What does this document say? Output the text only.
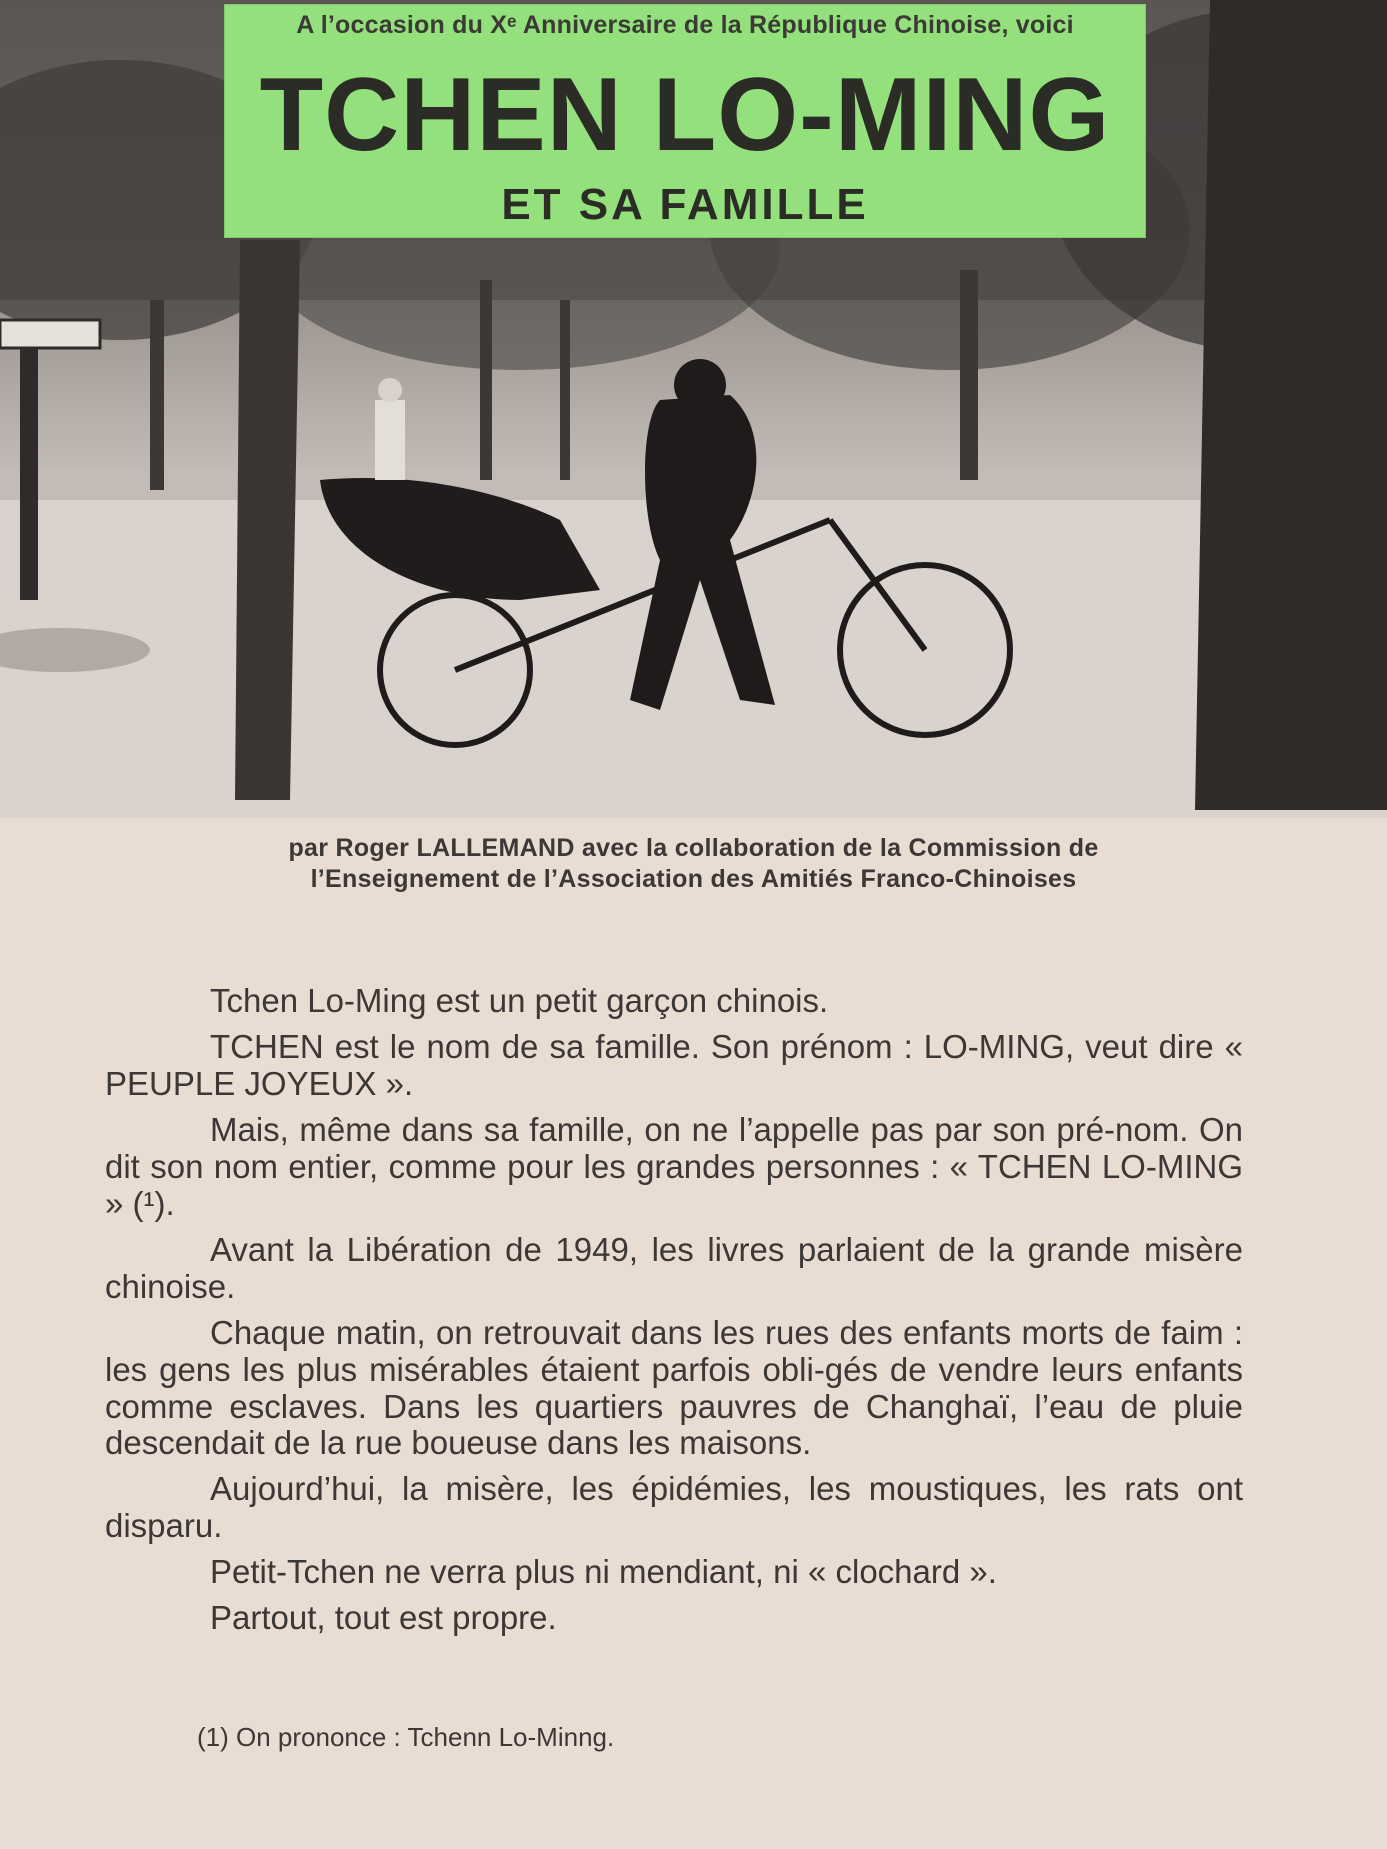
A l’occasion du Xᵉ Anniversaire de la République Chinoise, voici
TCHEN LO-MING
ET SA FAMILLE
par Roger LALLEMAND avec la collaboration de la Commission de
l’Enseignement de l’Association des Amitiés Franco-Chinoises

Tchen Lo-Ming est un petit garçon chinois.

TCHEN est le nom de sa famille. Son prénom : LO-MING, veut dire « PEUPLE JOYEUX ».

Mais, même dans sa famille, on ne l’appelle pas par son pré-nom. On dit son nom entier, comme pour les grandes personnes : « TCHEN LO-MING » (¹).

Avant la Libération de 1949, les livres parlaient de la grande misère chinoise.

Chaque matin, on retrouvait dans les rues des enfants morts de faim : les gens les plus misérables étaient parfois obli-gés de vendre leurs enfants comme esclaves. Dans les quartiers pauvres de Changhaï, l’eau de pluie descendait de la rue boueuse dans les maisons.

Aujourd’hui, la misère, les épidémies, les moustiques, les rats ont disparu.

Petit-Tchen ne verra plus ni mendiant, ni « clochard ».

Partout, tout est propre.

(1) On prononce : Tchenn Lo-Minng.
